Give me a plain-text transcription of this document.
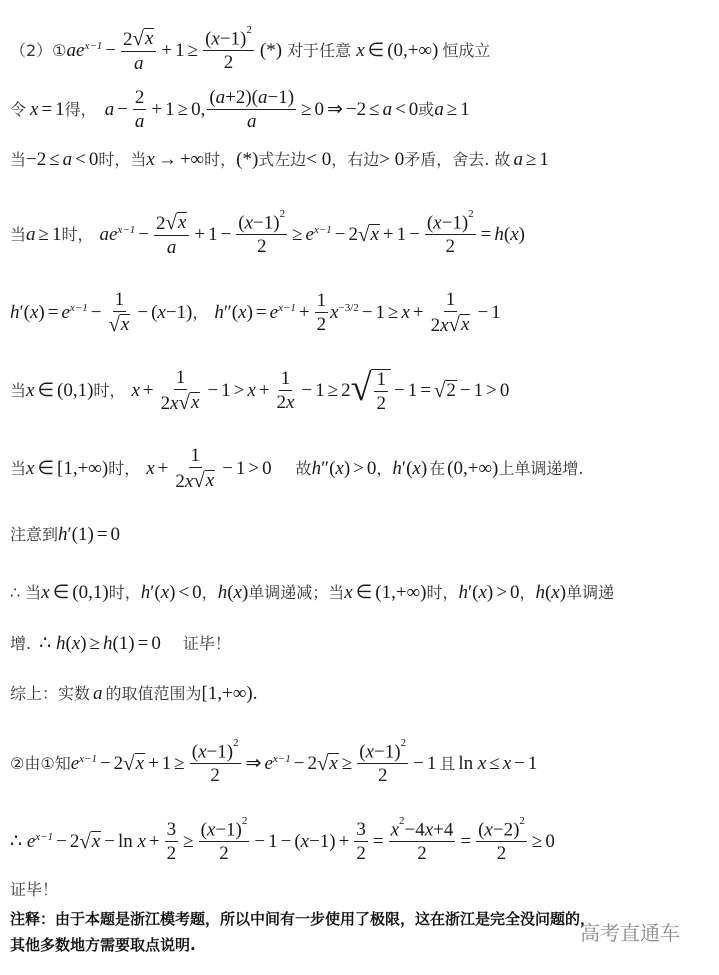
（2）① a e $x-1 - \frac{2 √ x}{a} + 1 \ge \frac{(x-1)^2}{2}$ (*) 对于任意 x ∈ (0,+∞) 恒成立
令 x = 1 得， $a - \frac{2}{a} + 1 \ge 0$, $\frac{(a+2)(a-1)}{a} \ge 0$ ⇒ −2 ≤ a < 0 或 a ≥ 1
当 −2 ≤ a < 0 时，当 x → +∞ 时， (*) 式左边 < 0 ，右边 > 0 矛盾，舍去. 故 a ≥ 1
当 a ≥ 1 时， a e $x-1 - \frac{2 √ x}{a} + 1 - \frac{(x-1)^2}{2} \ge e$ x−1 − 2 √ $x + 1 - \frac{(x-1)^2}{2} = h$ (x)
h ′(x) = e $x-1 - \frac{1}{√ x} - (x-1)$ ， h ″(x) = e $x-1 + \frac{1}{2}$ $x -3/2 - 1 \ge x + \frac{1}{2x √ x} - 1$
当 x ∈ (0,1) 时， $x + \frac{1}{2x √ x} - 1 > x + \frac{1}{2x} - 1 \ge 2$ √ $\frac{1}{2} - 1$ = √ 2 − 1 > 0
当 x ∈ [1,+∞) 时， $x + \frac{1}{2x √ x} - 1 > 0$ 故 h ″(x) > 0 ， h ′(x) 在 (0,+∞) 上单调递增.
注意到 h ′(1) = 0
∴ 当 x ∈ (0,1) 时， h ′(x) < 0 ， h (x) 单调递减；当 x ∈ (1,+∞) 时， h ′(x) > 0 ， h (x) 单调递
增. ∴ h (x) ≥ h (1) = 0 证毕！
综上：实数 a 的取值范围为 [1,+∞).
②由①知 e x−1 − 2 √ $x + 1 \ge \frac{(x-1)^2}{2}$ ⇒ e x−1 − 2 √ $x \ge \frac{(x-1)^2}{2} - 1$ 且 ln x ≤ x − 1
∴ e x−1 − 2 √ $x - \ln x + \frac{3}{2} \ge \frac{(x-1)^2}{2} - 1 - (x-1) + \frac{3}{2} = \frac{x^2-4x+4}{2} = \frac{(x-2)^2}{2} \ge 0$
证毕！
注释：由于本题是浙江模考题，所以中间有一步使用了极限，这在浙江是完全没问题的，
其他多数地方需要取点说明.	高考直通车
